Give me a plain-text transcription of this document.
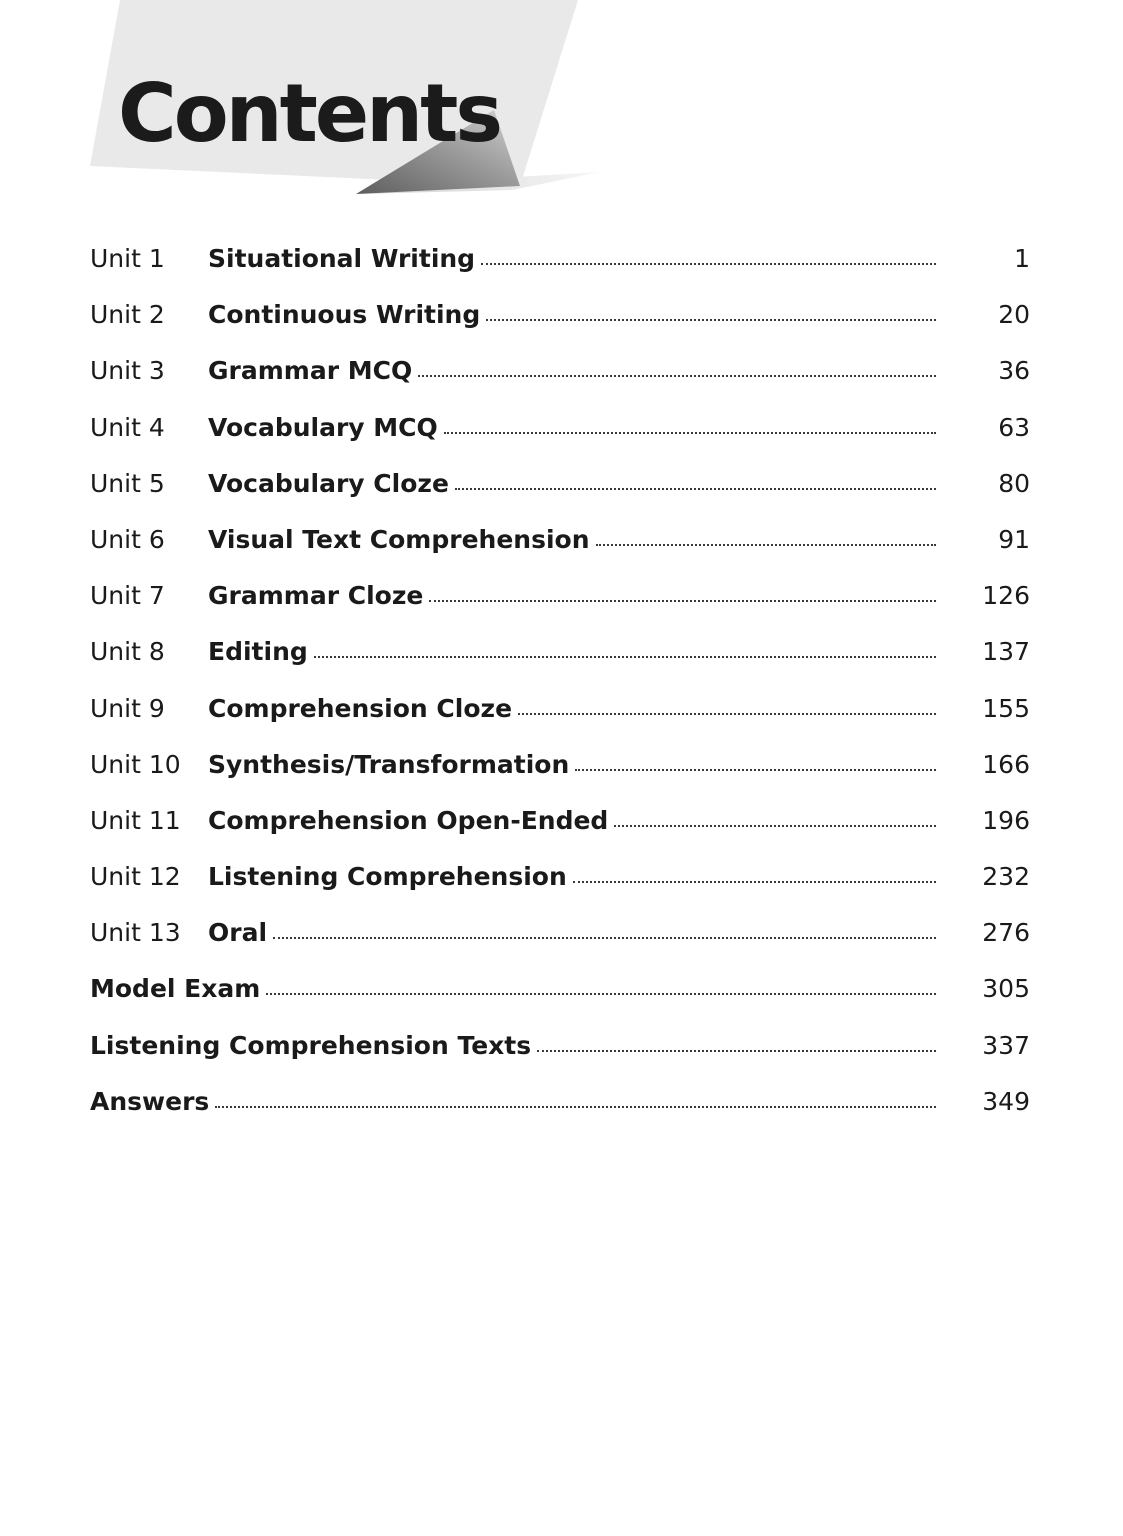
Contents
Unit 1	Situational Writing	1
Unit 2	Continuous Writing	20
Unit 3	Grammar MCQ	36
Unit 4	Vocabulary MCQ	63
Unit 5	Vocabulary Cloze	80
Unit 6	Visual Text Comprehension	91
Unit 7	Grammar Cloze	126
Unit 8	Editing	137
Unit 9	Comprehension Cloze	155
Unit 10	Synthesis/Transformation	166
Unit 11	Comprehension Open-Ended	196
Unit 12	Listening Comprehension	232
Unit 13	Oral	276
Model Exam	305
Listening Comprehension Texts	337
Answers	349
